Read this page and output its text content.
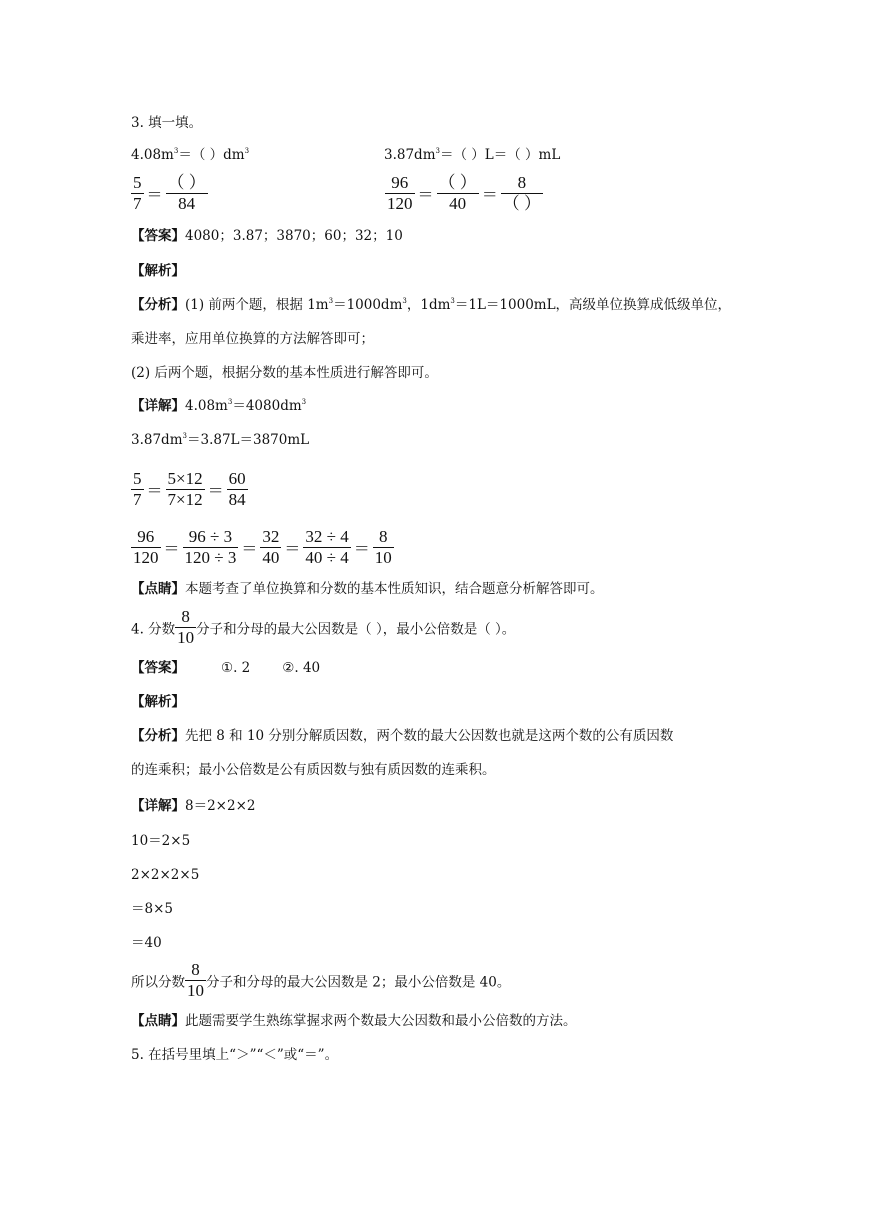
3. 填一填。
$4.08m^3=$（ ）$dm^3$	$3.87dm^3=$（ ）L＝（ ）mL
$\frac{5}{7} = \frac{( )}{84}$	$\frac{96}{120} = \frac{( )}{40} = \frac{8}{( )}$
【答案】4080；3.87；3870；60；32；10
【解析】
【分析】(1) 前两个题，根据 $1m^3=1000dm^3$，$1dm^3=1L=1000mL$，高级单位换算成低级单位，
乘进率，应用单位换算的方法解答即可；
(2) 后两个题，根据分数的基本性质进行解答即可。
【详解】$4.08m^3=4080dm^3$
$3.87dm^3=3.87L=3870mL$
$\frac{5}{7} = \frac{5\times 12}{7\times 12} = \frac{60}{84}$
$\frac{96}{120} = \frac{96 \div 3}{120 \div 3} = \frac{32}{40} = \frac{32 \div 4}{40 \div 4} = \frac{8}{10}$
【点睛】本题考查了单位换算和分数的基本性质知识，结合题意分析解答即可。
4. 分数 $\frac{8}{10}$ 分子和分母的最大公因数是（ ），最小公倍数是（ ）。
【答案】	①. 2 ②. 40
【解析】
【分析】先把 8 和 10 分别分解质因数，两个数的最大公因数也就是这两个数的公有质因数
的连乘积；最小公倍数是公有质因数与独有质因数的连乘积。
【详解】8＝2×2×2
10＝2×5
2×2×2×5
＝8×5
＝40
所以分数 $\frac{8}{10}$ 分子和分母的最大公因数是 2；最小公倍数是 40。
【点睛】此题需要学生熟练掌握求两个数最大公因数和最小公倍数的方法。
5. 在括号里填上“＞”“＜”或“＝”。
